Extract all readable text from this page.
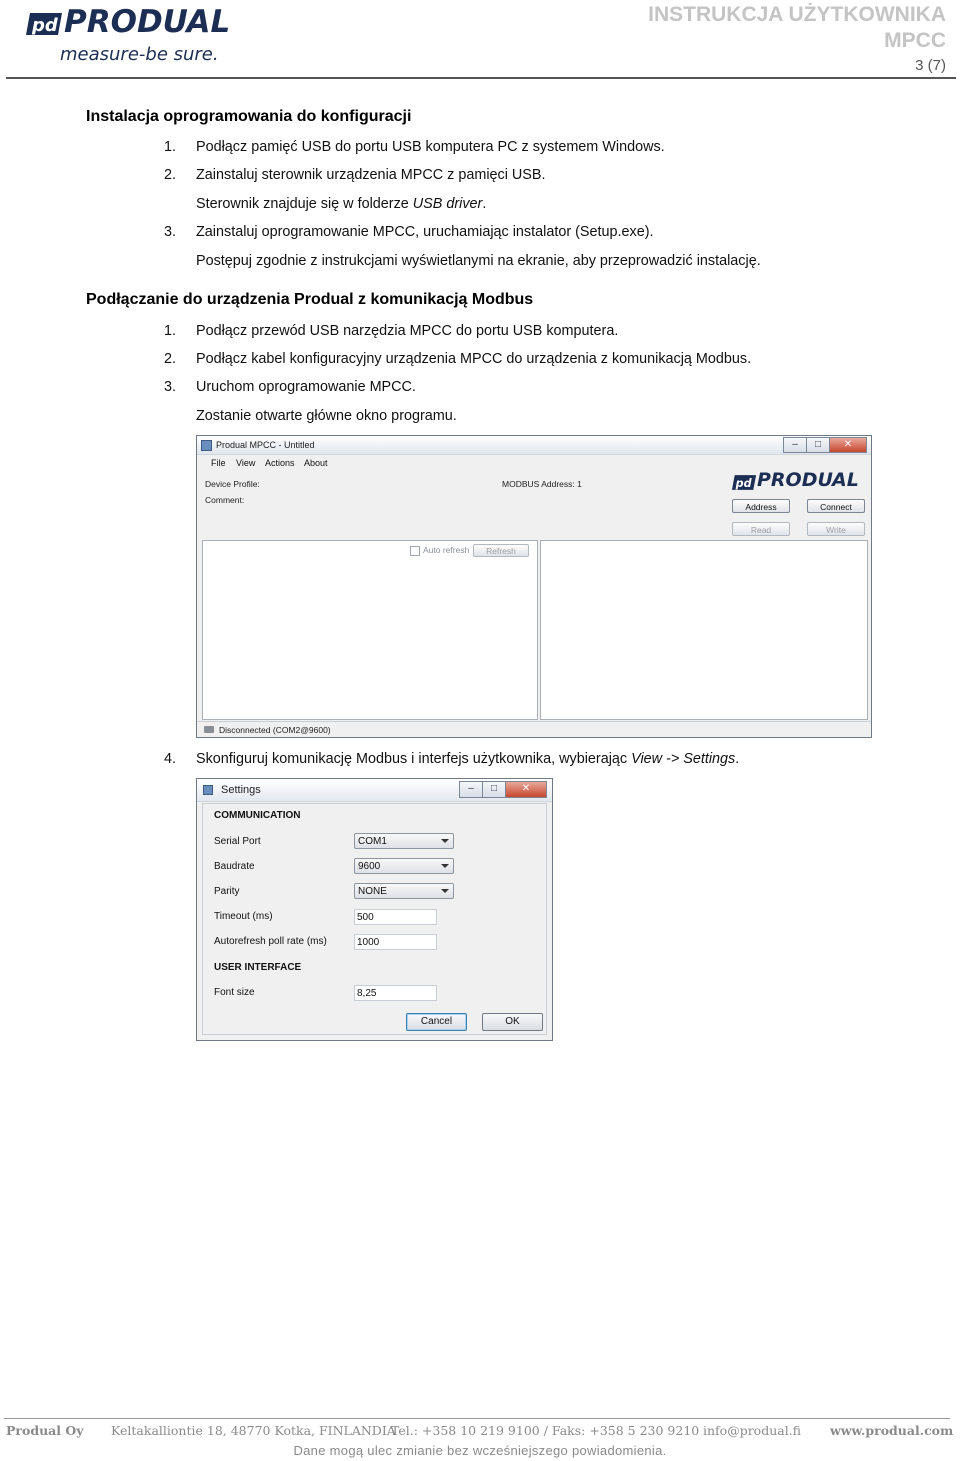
pd PRODUAL
measure-be sure.
INSTRUKCJA UŻYTKOWNIKA
MPCC
3 (7)
Instalacja oprogramowania do konfiguracji
1. Podłącz pamięć USB do portu USB komputera PC z systemem Windows.
2. Zainstaluj sterownik urządzenia MPCC z pamięci USB.
Sterownik znajduje się w folderze USB driver.
3. Zainstaluj oprogramowanie MPCC, uruchamiając instalator (Setup.exe).
Postępuj zgodnie z instrukcjami wyświetlanymi na ekranie, aby przeprowadzić instalację.
Podłączanie do urządzenia Produal z komunikacją Modbus
1. Podłącz przewód USB narzędzia MPCC do portu USB komputera.
2. Podłącz kabel konfiguracyjny urządzenia MPCC do urządzenia z komunikacją Modbus.
3. Uruchom oprogramowanie MPCC.
Zostanie otwarte główne okno programu.
Produal MPCC - Untitled	–	□	✕
File View Actions About
Device Profile:
Comment:
MODBUS Address: 1	pd PRODUAL
Address	Connect
Read	Write
Auto refresh	Refresh
Disconnected (COM2@9600)
4. Skonfiguruj komunikację Modbus i interfejs użytkownika, wybierając View -> Settings.
Settings	–	□	✕
COMMUNICATION
Serial Port	COM1
Baudrate	9600
Parity	NONE
Timeout (ms)	500
Autorefresh poll rate (ms)	1000
USER INTERFACE
Font size	8,25
Cancel	OK
Produal Oy Keltakalliontie 18, 48770 Kotka, FINLANDIA
Tel.: +358 10 219 9100 / Faks: +358 5 230 9210 info@produal.fi www.produal.com
Dane mogą ulec zmianie bez wcześniejszego powiadomienia.
